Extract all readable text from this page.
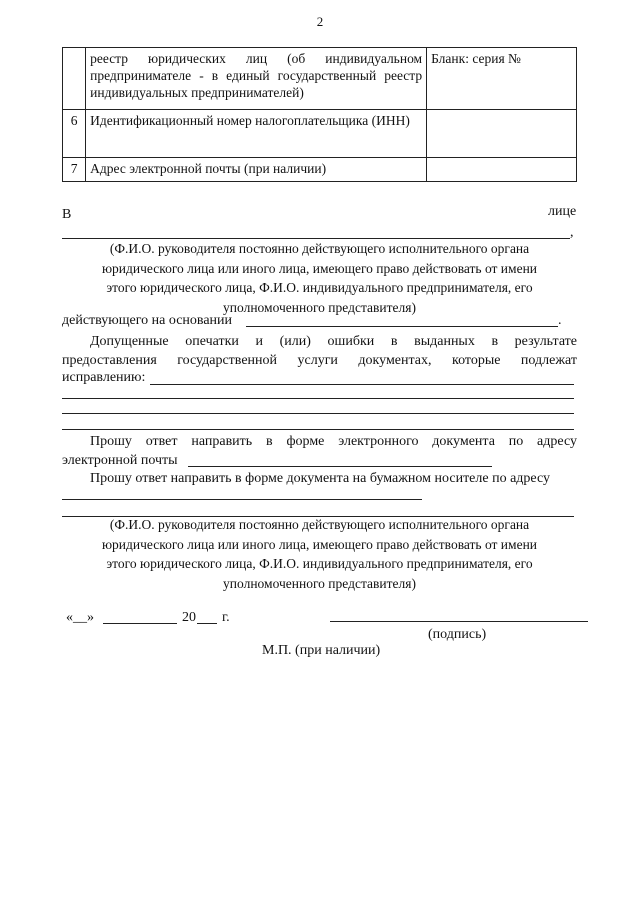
2
	реестр юридических лиц (об индивидуальном предпринимателе - в единый государственный реестр индивидуальных предпринимателей)	Бланк: серия №
6	Идентификационный номер налогоплательщика (ИНН)	
7	Адрес электронной почты (при наличии)	
В	лице
,
(Ф.И.О. руководителя постоянно действующего исполнительного органа
юридического лица или иного лица, имеющего право действовать от имени
этого юридического лица, Ф.И.О. индивидуального предпринимателя, его
уполномоченного представителя)
действующего на основании	.
Допущенные опечатки и (или) ошибки в выданных в результате
предоставления государственной услуги документах, которые подлежат
исправлению:
Прошу ответ направить в форме электронного документа по адресу
электронной почты
Прошу ответ направить в форме документа на бумажном носителе по адресу
(Ф.И.О. руководителя постоянно действующего исполнительного органа
юридического лица или иного лица, имеющего право действовать от имени
этого юридического лица, Ф.И.О. индивидуального предпринимателя, его
уполномоченного представителя)
«__»	20 г.
(подпись)
М.П. (при наличии)
